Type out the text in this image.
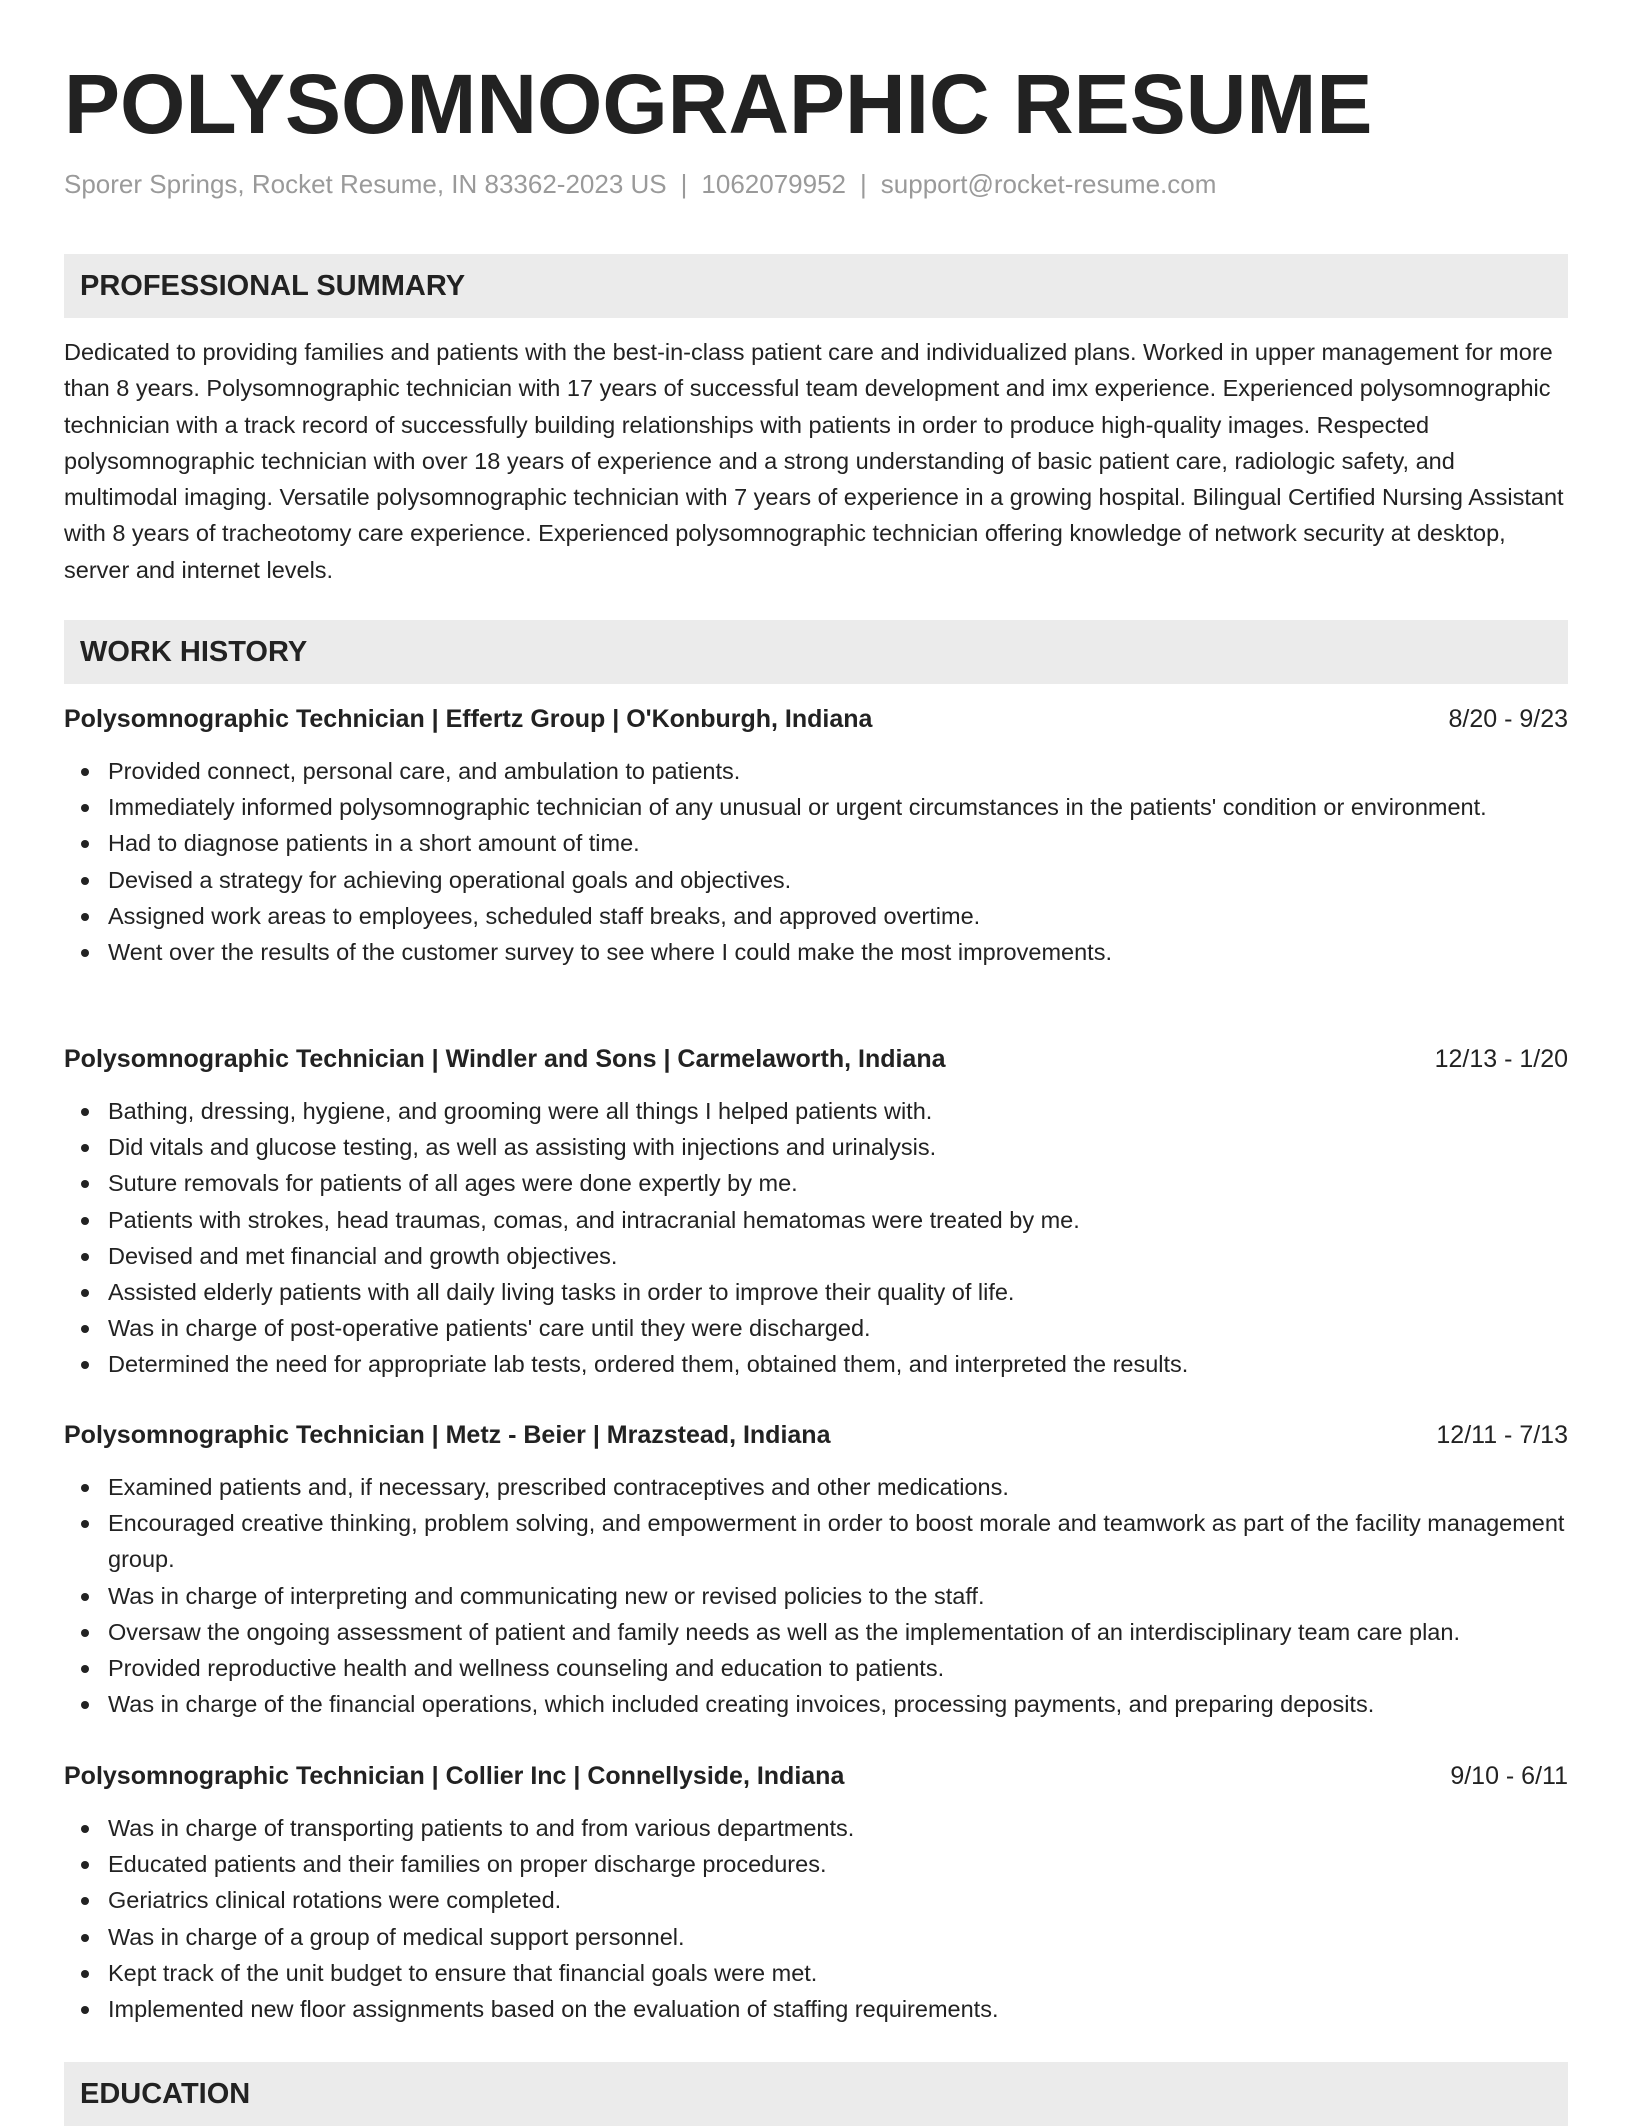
POLYSOMNOGRAPHIC RESUME
Sporer Springs, Rocket Resume, IN 83362-2023 US | 1062079952 | support@rocket-resume.com
PROFESSIONAL SUMMARY

Dedicated to providing families and patients with the best-in-class patient care and individualized plans. Worked in upper management for more than 8 years. Polysomnographic technician with 17 years of successful team development and imx experience. Experienced polysomnographic technician with a track record of successfully building relationships with patients in order to produce high-quality images. Respected polysomnographic technician with over 18 years of experience and a strong understanding of basic patient care, radiologic safety, and multimodal imaging. Versatile polysomnographic technician with 7 years of experience in a growing hospital. Bilingual Certified Nursing Assistant with 8 years of tracheotomy care experience. Experienced polysomnographic technician offering knowledge of network security at desktop, server and internet levels.

WORK HISTORY
Polysomnographic Technician | Effertz Group | O'Konburgh, Indiana	8/20 - 9/23
Provided connect, personal care, and ambulation to patients.
Immediately informed polysomnographic technician of any unusual or urgent circumstances in the patients' condition or environment.
Had to diagnose patients in a short amount of time.
Devised a strategy for achieving operational goals and objectives.
Assigned work areas to employees, scheduled staff breaks, and approved overtime.
Went over the results of the customer survey to see where I could make the most improvements.
Polysomnographic Technician | Windler and Sons | Carmelaworth, Indiana	12/13 - 1/20
Bathing, dressing, hygiene, and grooming were all things I helped patients with.
Did vitals and glucose testing, as well as assisting with injections and urinalysis.
Suture removals for patients of all ages were done expertly by me.
Patients with strokes, head traumas, comas, and intracranial hematomas were treated by me.
Devised and met financial and growth objectives.
Assisted elderly patients with all daily living tasks in order to improve their quality of life.
Was in charge of post-operative patients' care until they were discharged.
Determined the need for appropriate lab tests, ordered them, obtained them, and interpreted the results.
Polysomnographic Technician | Metz - Beier | Mrazstead, Indiana	12/11 - 7/13
Examined patients and, if necessary, prescribed contraceptives and other medications.
Encouraged creative thinking, problem solving, and empowerment in order to boost morale and teamwork as part of the facility management group.
Was in charge of interpreting and communicating new or revised policies to the staff.
Oversaw the ongoing assessment of patient and family needs as well as the implementation of an interdisciplinary team care plan.
Provided reproductive health and wellness counseling and education to patients.
Was in charge of the financial operations, which included creating invoices, processing payments, and preparing deposits.
Polysomnographic Technician | Collier Inc | Connellyside, Indiana	9/10 - 6/11
Was in charge of transporting patients to and from various departments.
Educated patients and their families on proper discharge procedures.
Geriatrics clinical rotations were completed.
Was in charge of a group of medical support personnel.
Kept track of the unit budget to ensure that financial goals were met.
Implemented new floor assignments based on the evaluation of staffing requirements.
EDUCATION
